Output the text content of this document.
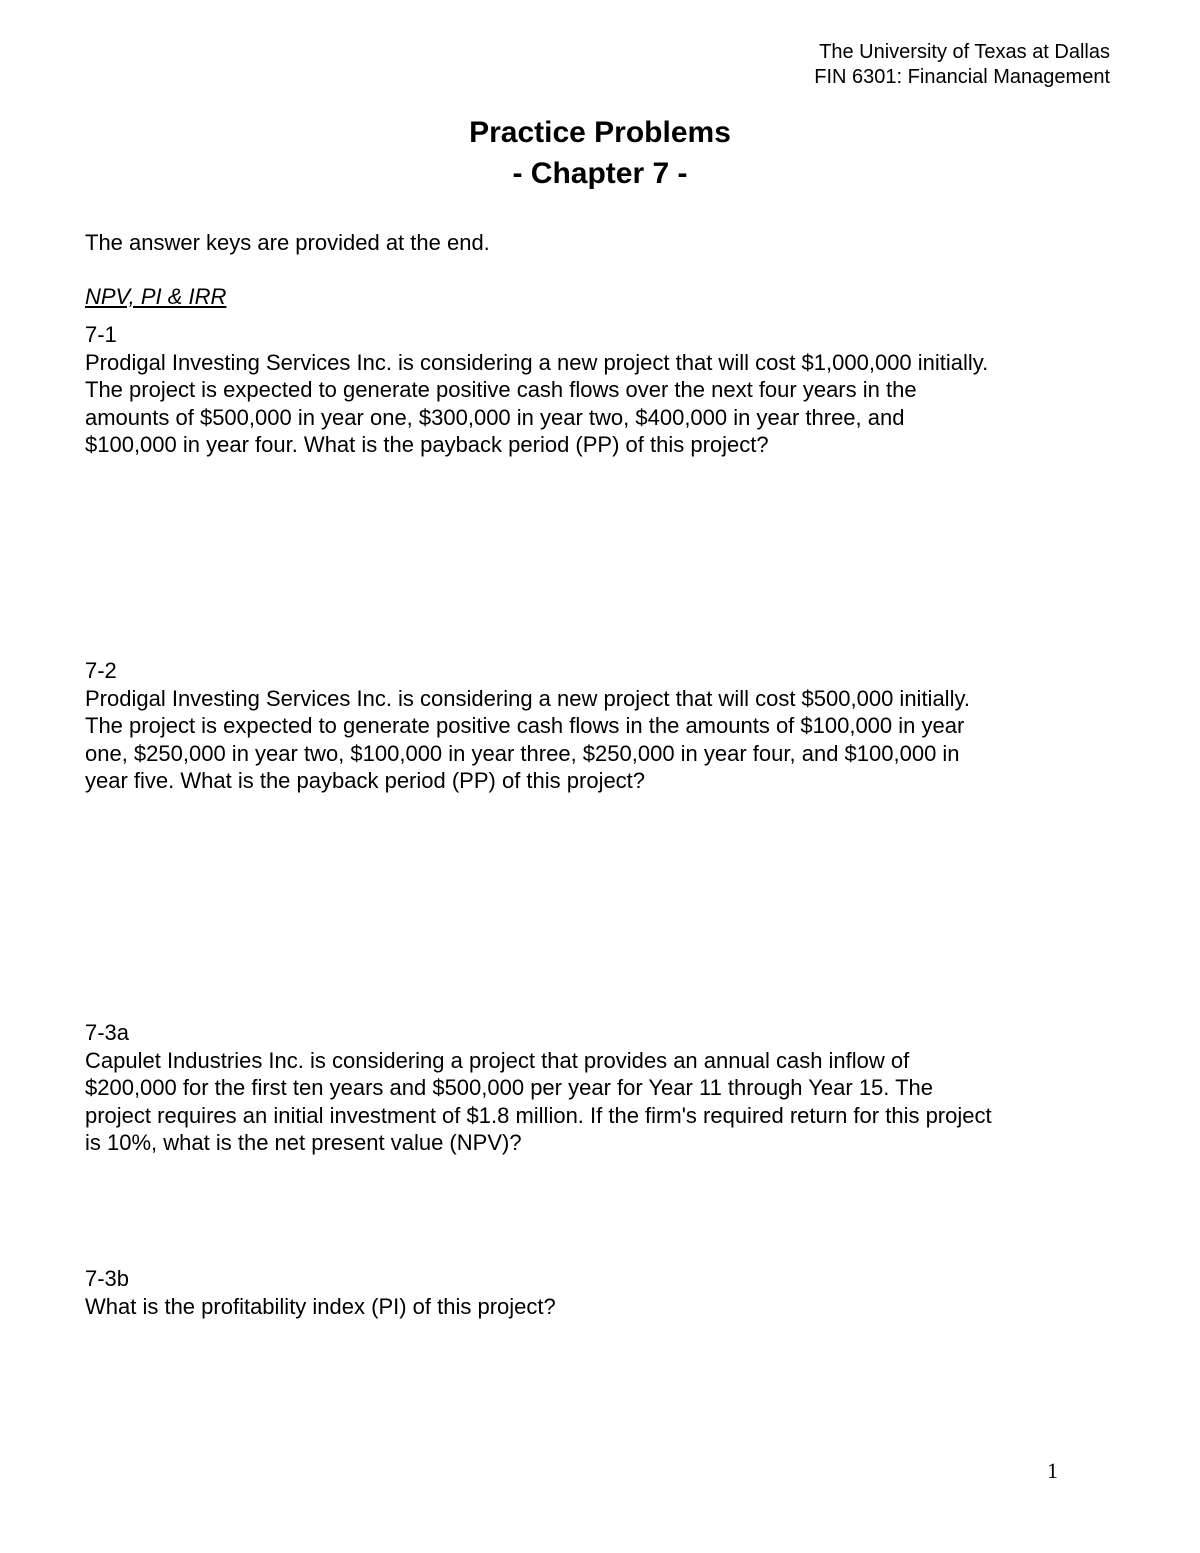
The University of Texas at Dallas
FIN 6301: Financial Management
Practice Problems
- Chapter 7 -
The answer keys are provided at the end.
NPV, PI & IRR
7-1
Prodigal Investing Services Inc. is considering a new project that will cost $1,000,000 initially.
The project is expected to generate positive cash flows over the next four years in the
amounts of $500,000 in year one, $300,000 in year two, $400,000 in year three, and
$100,000 in year four. What is the payback period (PP) of this project?
7-2
Prodigal Investing Services Inc. is considering a new project that will cost $500,000 initially.
The project is expected to generate positive cash flows in the amounts of $100,000 in year
one, $250,000 in year two, $100,000 in year three, $250,000 in year four, and $100,000 in
year five. What is the payback period (PP) of this project?
7-3a
Capulet Industries Inc. is considering a project that provides an annual cash inflow of
$200,000 for the first ten years and $500,000 per year for Year 11 through Year 15. The
project requires an initial investment of $1.8 million. If the firm's required return for this project
is 10%, what is the net present value (NPV)?
7-3b
What is the profitability index (PI) of this project?
1
